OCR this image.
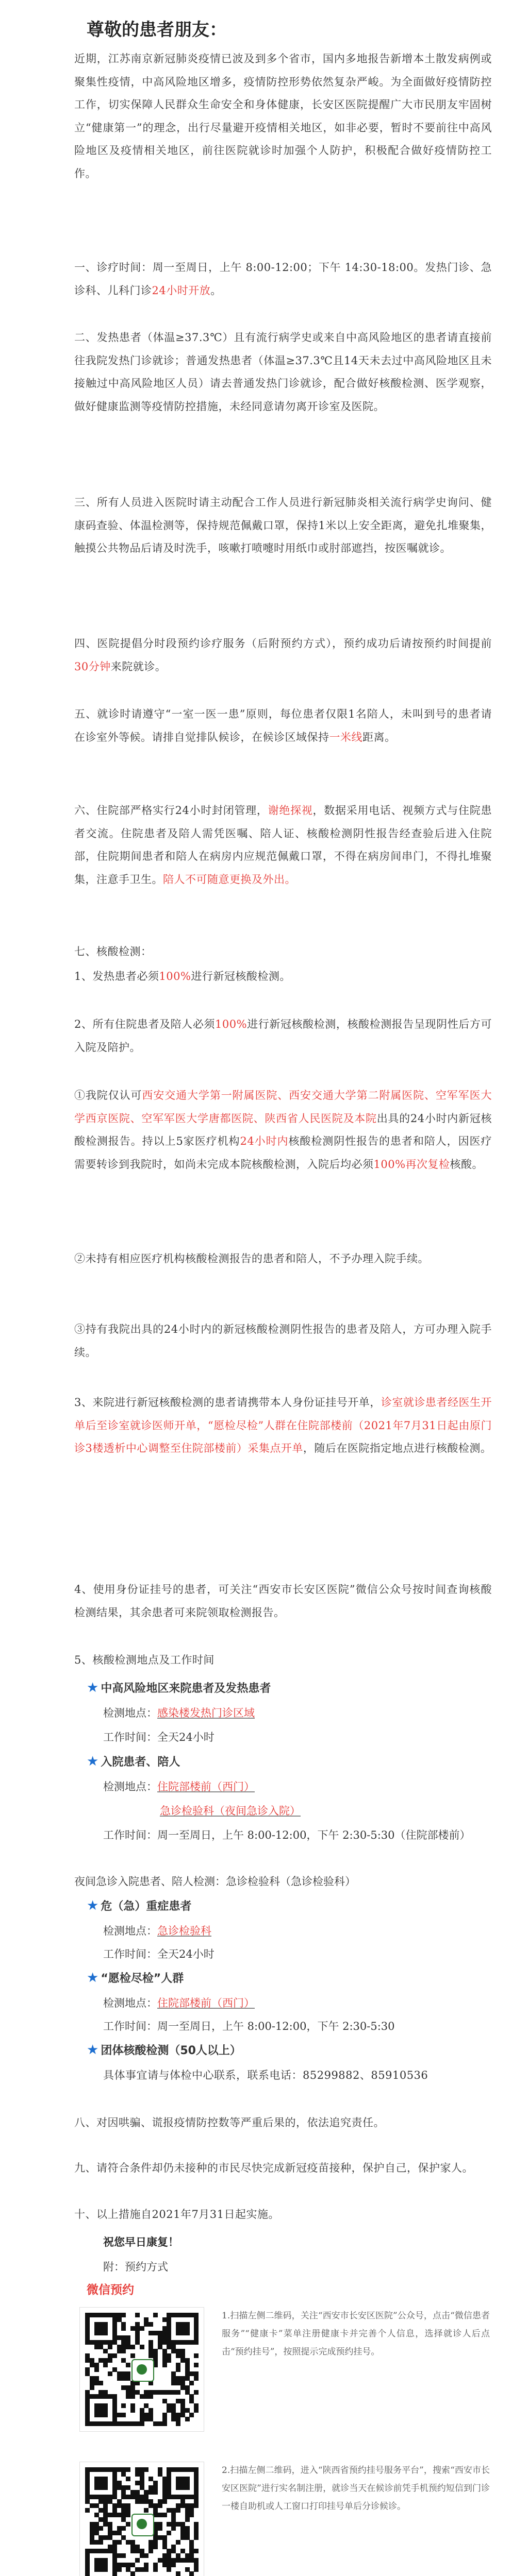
尊敬的患者朋友：
近期，江苏南京新冠肺炎疫情已波及到多个省市，国内多地报告新增本土散发病例或聚集性疫情，中高风险地区增多，疫情防控形势依然复杂严峻。为全面做好疫情防控工作，切实保障人民群众生命安全和身体健康，长安区医院提醒广大市民朋友牢固树立“健康第一”的理念，出行尽量避开疫情相关地区，如非必要，暂时不要前往中高风险地区及疫情相关地区，前往医院就诊时加强个人防护，积极配合做好疫情防控工作。
一、诊疗时间：周一至周日，上午 8:00-12:00；下午 14:30-18:00。发热门诊、急诊科、儿科门诊24小时开放。
二、发热患者（体温≥37.3℃）且有流行病学史或来自中高风险地区的患者请直接前往我院发热门诊就诊；普通发热患者（体温≥37.3℃且14天未去过中高风险地区且未接触过中高风险地区人员）请去普通发热门诊就诊，配合做好核酸检测、医学观察，做好健康监测等疫情防控措施，未经同意请勿离开诊室及医院。
三、所有人员进入医院时请主动配合工作人员进行新冠肺炎相关流行病学史询问、健康码查验、体温检测等，保持规范佩戴口罩，保持1米以上安全距离，避免扎堆聚集，触摸公共物品后请及时洗手，咳嗽打喷嚏时用纸巾或肘部遮挡，按医嘱就诊。
四、医院提倡分时段预约诊疗服务（后附预约方式），预约成功后请按预约时间提前30分钟来院就诊。
五、就诊时请遵守“一室一医一患”原则，每位患者仅限1名陪人，未叫到号的患者请在诊室外等候。请排自觉排队候诊，在候诊区域保持一米线距离。
六、住院部严格实行24小时封闭管理，谢绝探视，数据采用电话、视频方式与住院患者交流。住院患者及陪人需凭医嘱、陪人证、核酸检测阴性报告经查验后进入住院部，住院期间患者和陪人在病房内应规范佩戴口罩，不得在病房间串门，不得扎堆聚集，注意手卫生。陪人不可随意更换及外出。
七、核酸检测：
1、发热患者必须100%进行新冠核酸检测。
2、所有住院患者及陪人必须100%进行新冠核酸检测，核酸检测报告呈现阴性后方可入院及陪护。
①我院仅认可西安交通大学第一附属医院、西安交通大学第二附属医院、空军军医大学西京医院、空军军医大学唐都医院、陕西省人民医院及本院出具的24小时内新冠核酸检测报告。持以上5家医疗机构24小时内核酸检测阴性报告的患者和陪人，因医疗需要转诊到我院时，如尚未完成本院核酸检测，入院后均必须100%再次复检核酸。
②未持有相应医疗机构核酸检测报告的患者和陪人，不予办理入院手续。
③持有我院出具的24小时内的新冠核酸检测阴性报告的患者及陪人，方可办理入院手续。
3、来院进行新冠核酸检测的患者请携带本人身份证挂号开单，诊室就诊患者经医生开单后至诊室就诊医师开单，“愿检尽检”人群在住院部楼前（2021年7月31日起由原门诊3楼透析中心调整至住院部楼前）采集点开单，随后在医院指定地点进行核酸检测。
4、使用身份证挂号的患者，可关注“西安市长安区医院”微信公众号按时间查询核酸检测结果，其余患者可来院领取检测报告。
5、核酸检测地点及工作时间
★ 中高风险地区来院患者及发热患者
检测地点：感染楼发热门诊区域
工作时间：全天24小时
★ 入院患者、陪人
检测地点：住院部楼前（西门）
急诊检验科（夜间急诊入院）
工作时间：周一至周日，上午 8:00-12:00，下午 2:30-5:30（住院部楼前）
夜间急诊入院患者、陪人检测：急诊检验科（急诊检验科）
★ 危（急）重症患者
检测地点：急诊检验科
工作时间：全天24小时
★ “愿检尽检”人群
检测地点：住院部楼前（西门）
工作时间：周一至周日，上午 8:00-12:00，下午 2:30-5:30
★ 团体核酸检测（50人以上）
具体事宜请与体检中心联系，联系电话：85299882、85910536
八、对因哄骗、谎报疫情防控数等严重后果的，依法追究责任。
九、请符合条件却仍未接种的市民尽快完成新冠疫苗接种，保护自己，保护家人。
十、以上措施自2021年7月31日起实施。
祝您早日康复！
附：预约方式
微信预约
1.扫描左侧二维码，关注“西安市长安区医院”公众号，点击“微信患者服务”“健康卡”菜单注册健康卡并完善个人信息，选择就诊人后点击“预约挂号”，按照提示完成预约挂号。
2.扫描左侧二维码，进入“陕西省预约挂号服务平台”，搜索“西安市长安区医院”进行实名制注册，就诊当天在候诊前凭手机预约短信到门诊一楼自助机或人工窗口打印挂号单后分诊候诊。
